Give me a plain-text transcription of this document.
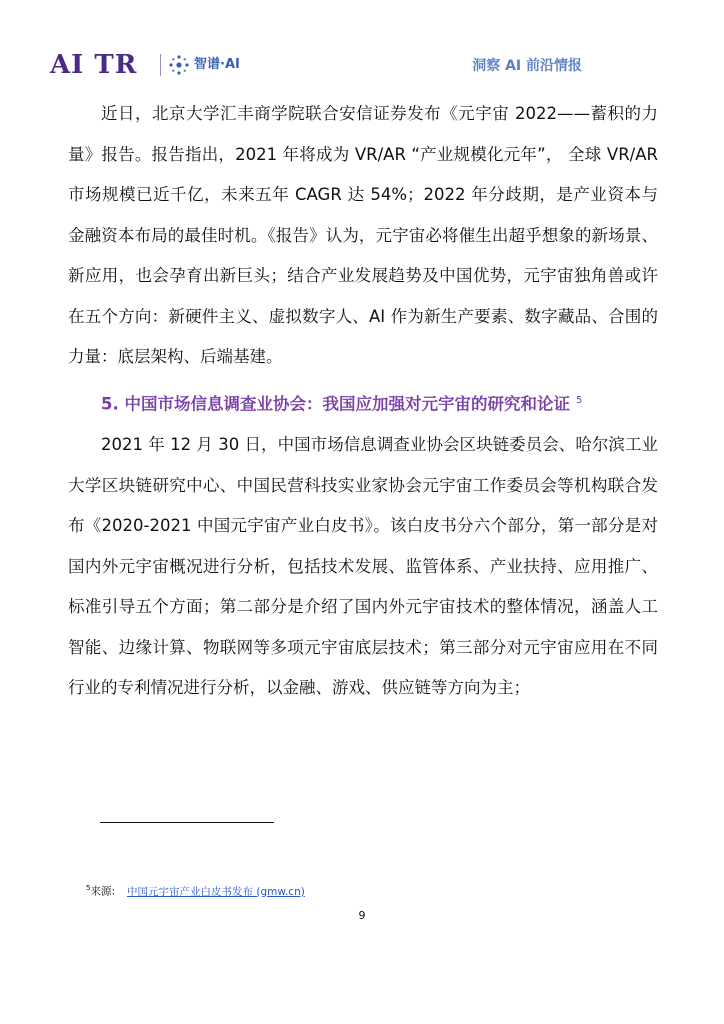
AI TR	智谱·AI	洞察 AI 前沿情报

近日，北京大学汇丰商学院联合安信证券发布《元宇宙 2022——蓄积的力量》报告。报告指出，2021 年将成为 VR/AR “产业规模化元年”， 全球 VR/AR 市场规模已近千亿，未来五年 CAGR 达 54%；2022 年分歧期，是产业资本与金融资本布局的最佳时机。《报告》认为，元宇宙必将催生出超乎想象的新场景、新应用，也会孕育出新巨头；结合产业发展趋势及中国优势，元宇宙独角兽或许在五个方向：新硬件主义、虚拟数字人、AI 作为新生产要素、数字藏品、合围的力量：底层架构、后端基建。

5. 中国市场信息调查业协会：我国应加强对元宇宙的研究和论证 $^5$

2021 年 12 月 30 日，中国市场信息调查业协会区块链委员会、哈尔滨工业大学区块链研究中心、中国民营科技实业家协会元宇宙工作委员会等机构联合发布《2020-2021 中国元宇宙产业白皮书》。该白皮书分六个部分，第一部分是对国内外元宇宙概况进行分析，包括技术发展、监管体系、产业扶持、应用推广、标准引导五个方面；第二部分是介绍了国内外元宇宙技术的整体情况，涵盖人工智能、边缘计算、物联网等多项元宇宙底层技术；第三部分对元宇宙应用在不同行业的专利情况进行分析，以金融、游戏、供应链等方向为主；

$^5$来源: 中国元宇宙产业白皮书发布 (gmw.cn)
9
